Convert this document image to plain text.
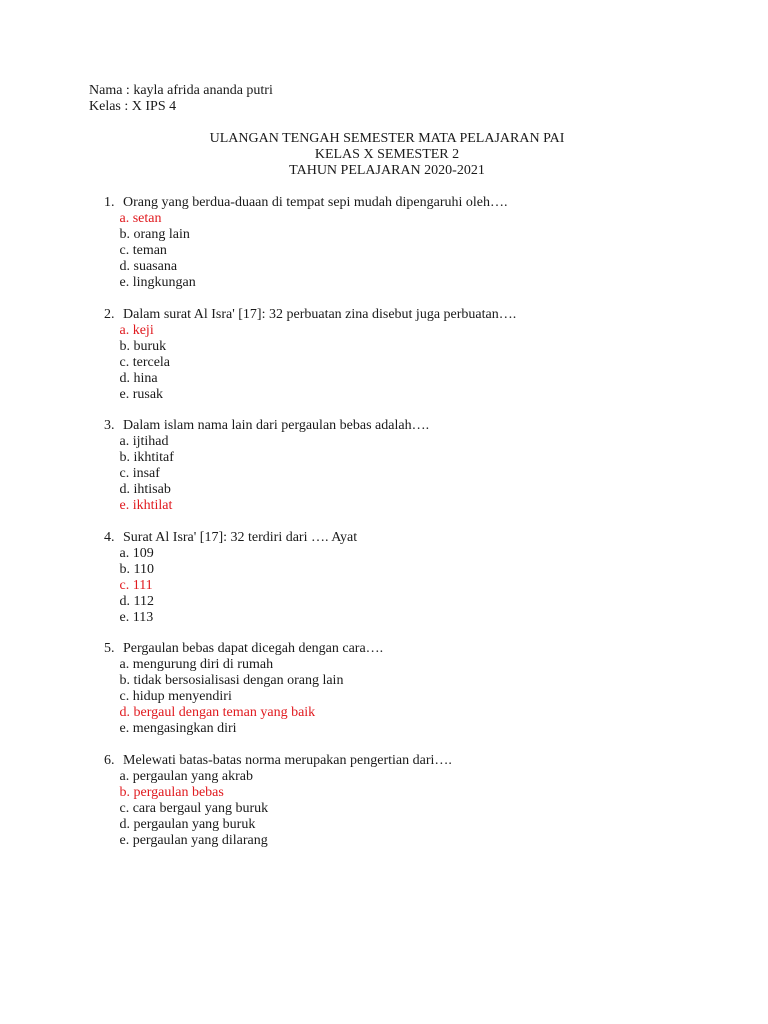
Nama : kayla afrida ananda putri
Kelas : X IPS 4
ULANGAN TENGAH SEMESTER MATA PELAJARAN PAI
KELAS X SEMESTER 2
TAHUN PELAJARAN 2020-2021
1. Orang yang berdua-duaan di tempat sepi mudah dipengaruhi oleh….
a. setan
b. orang lain
c. teman
d. suasana
e. lingkungan
2. Dalam surat Al Isra' [17]: 32 perbuatan zina disebut juga perbuatan….
a. keji
b. buruk
c. tercela
d. hina
e. rusak
3. Dalam islam nama lain dari pergaulan bebas adalah….
a. ijtihad
b. ikhtitaf
c. insaf
d. ihtisab
e. ikhtilat
4. Surat Al Isra' [17]: 32 terdiri dari …. Ayat
a. 109
b. 110
c. 111
d. 112
e. 113
5. Pergaulan bebas dapat dicegah dengan cara….
a. mengurung diri di rumah
b. tidak bersosialisasi dengan orang lain
c. hidup menyendiri
d. bergaul dengan teman yang baik
e. mengasingkan diri
6. Melewati batas-batas norma merupakan pengertian dari….
a. pergaulan yang akrab
b. pergaulan bebas
c. cara bergaul yang buruk
d. pergaulan yang buruk
e. pergaulan yang dilarang
